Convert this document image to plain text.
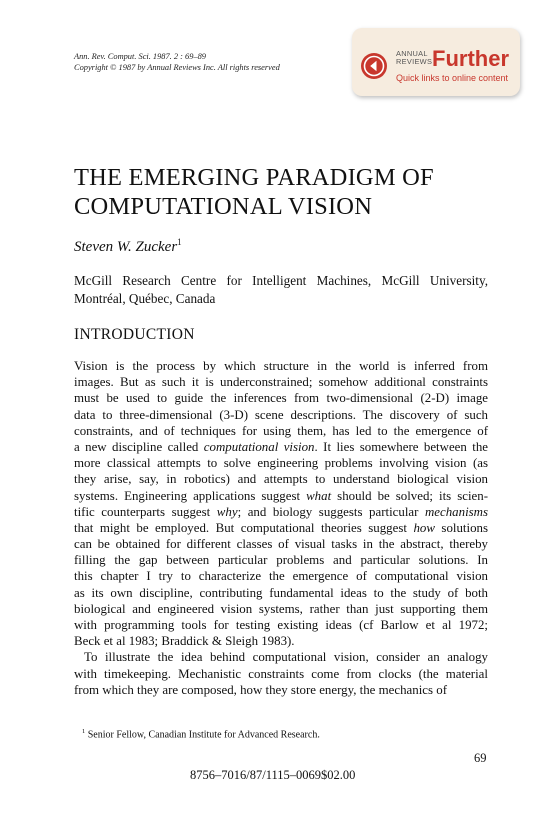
Ann. Rev. Comput. Sci. 1987. 2 : 69–89
Copyright © 1987 by Annual Reviews Inc. All rights reserved
ANNUAL
REVIEWS Further
Quick links to online content
THE EMERGING PARADIGM OF
COMPUTATIONAL VISION
Steven W. Zucker$^1$
McGill Research Centre for Intelligent Machines, McGill University,
Montréal, Québec, Canada
INTRODUCTION
Vision is the process by which structure in the world is inferred from
images. But as such it is underconstrained; somehow additional constraints
must be used to guide the inferences from two-dimensional (2-D) image
data to three-dimensional (3-D) scene descriptions. The discovery of such
constraints, and of techniques for using them, has led to the emergence of
a new discipline called computational vision. It lies somewhere between the
more classical attempts to solve engineering problems involving vision (as
they arise, say, in robotics) and attempts to understand biological vision
systems. Engineering applications suggest what should be solved; its scien-
tific counterparts suggest why; and biology suggests particular mechanisms
that might be employed. But computational theories suggest how solutions
can be obtained for different classes of visual tasks in the abstract, thereby
filling the gap between particular problems and particular solutions. In
this chapter I try to characterize the emergence of computational vision
as its own discipline, contributing fundamental ideas to the study of both
biological and engineered vision systems, rather than just supporting them
with programming tools for testing existing ideas (cf Barlow et al 1972;
Beck et al 1983; Braddick & Sleigh 1983).
To illustrate the idea behind computational vision, consider an analogy
with timekeeping. Mechanistic constraints come from clocks (the material
from which they are composed, how they store energy, the mechanics of
$^1$ Senior Fellow, Canadian Institute for Advanced Research.
69
8756–7016/87/1115–0069$02.00
